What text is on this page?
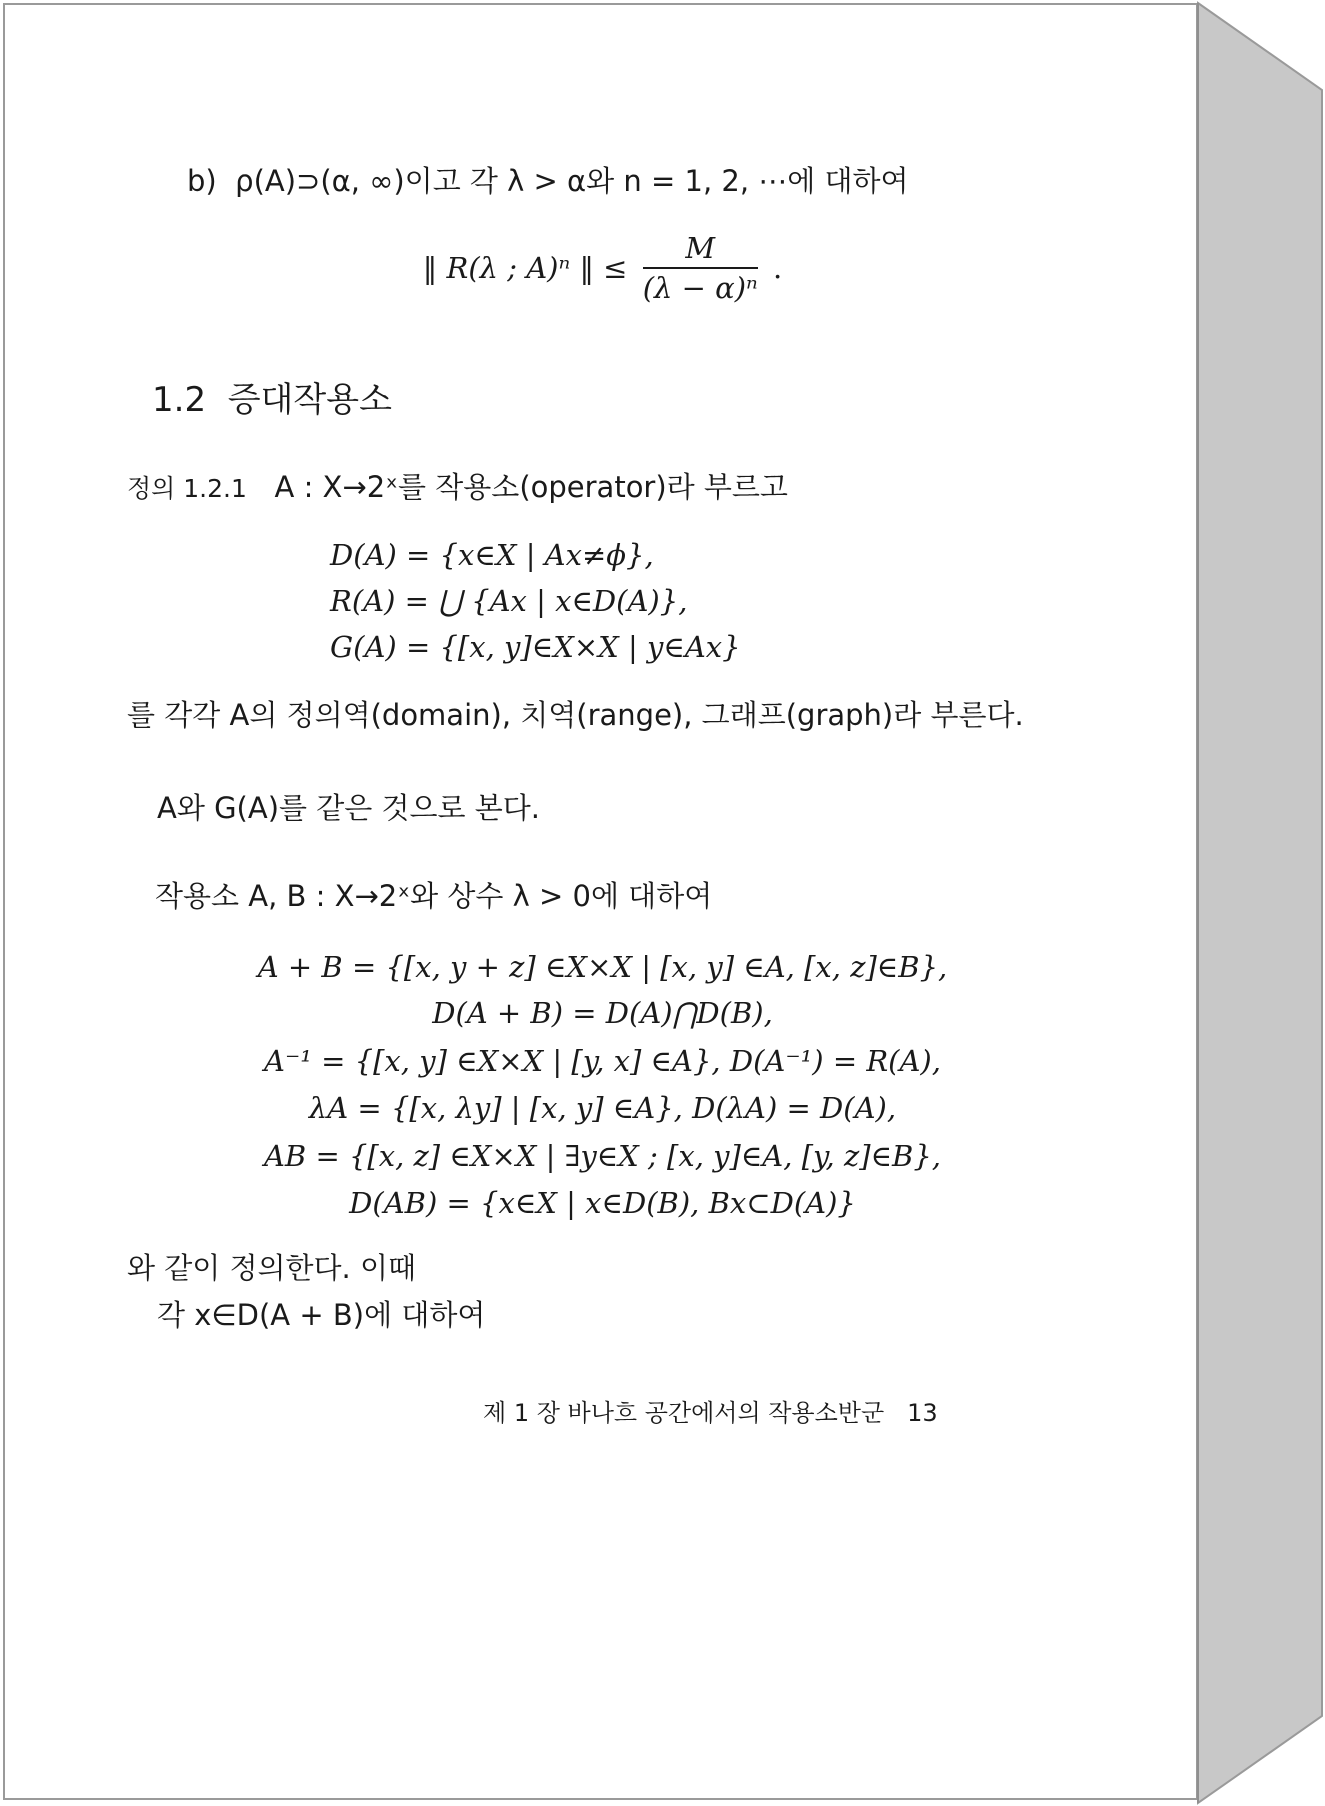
b) ρ(A)⊃(α, ∞)이고 각 λ > α와 n = 1, 2, ⋯에 대하여
‖ R(λ ; A)ⁿ ‖ ≤ $\frac{M}{\text{(λ − α)ⁿ}}$ .
1.2 증대작용소
정의 1.2.1 A : X→2ˣ를 작용소(operator)라 부르고
D(A) = {x∈X | Ax≠ϕ},
R(A) = ⋃ {Ax | x∈D(A)},
G(A) = {[x, y]∈X×X | y∈Ax}
를 각각 A의 정의역(domain), 치역(range), 그래프(graph)라 부른다.
A와 G(A)를 같은 것으로 본다.
작용소 A, B : X→2ˣ와 상수 λ > 0에 대하여
A + B = {[x, y + z] ∈X×X | [x, y] ∈A, [x, z]∈B},
D(A + B) = D(A)⋂D(B),
A⁻¹ = {[x, y] ∈X×X | [y, x] ∈A}, D(A⁻¹) = R(A),
λA = {[x, λy] | [x, y] ∈A}, D(λA) = D(A),
AB = {[x, z] ∈X×X | ∃y∈X ; [x, y]∈A, [y, z]∈B},
D(AB) = {x∈X | x∈D(B), Bx⊂D(A)}
와 같이 정의한다. 이때
각 x∈D(A + B)에 대하여
제 1 장 바나흐 공간에서의 작용소반군 13
